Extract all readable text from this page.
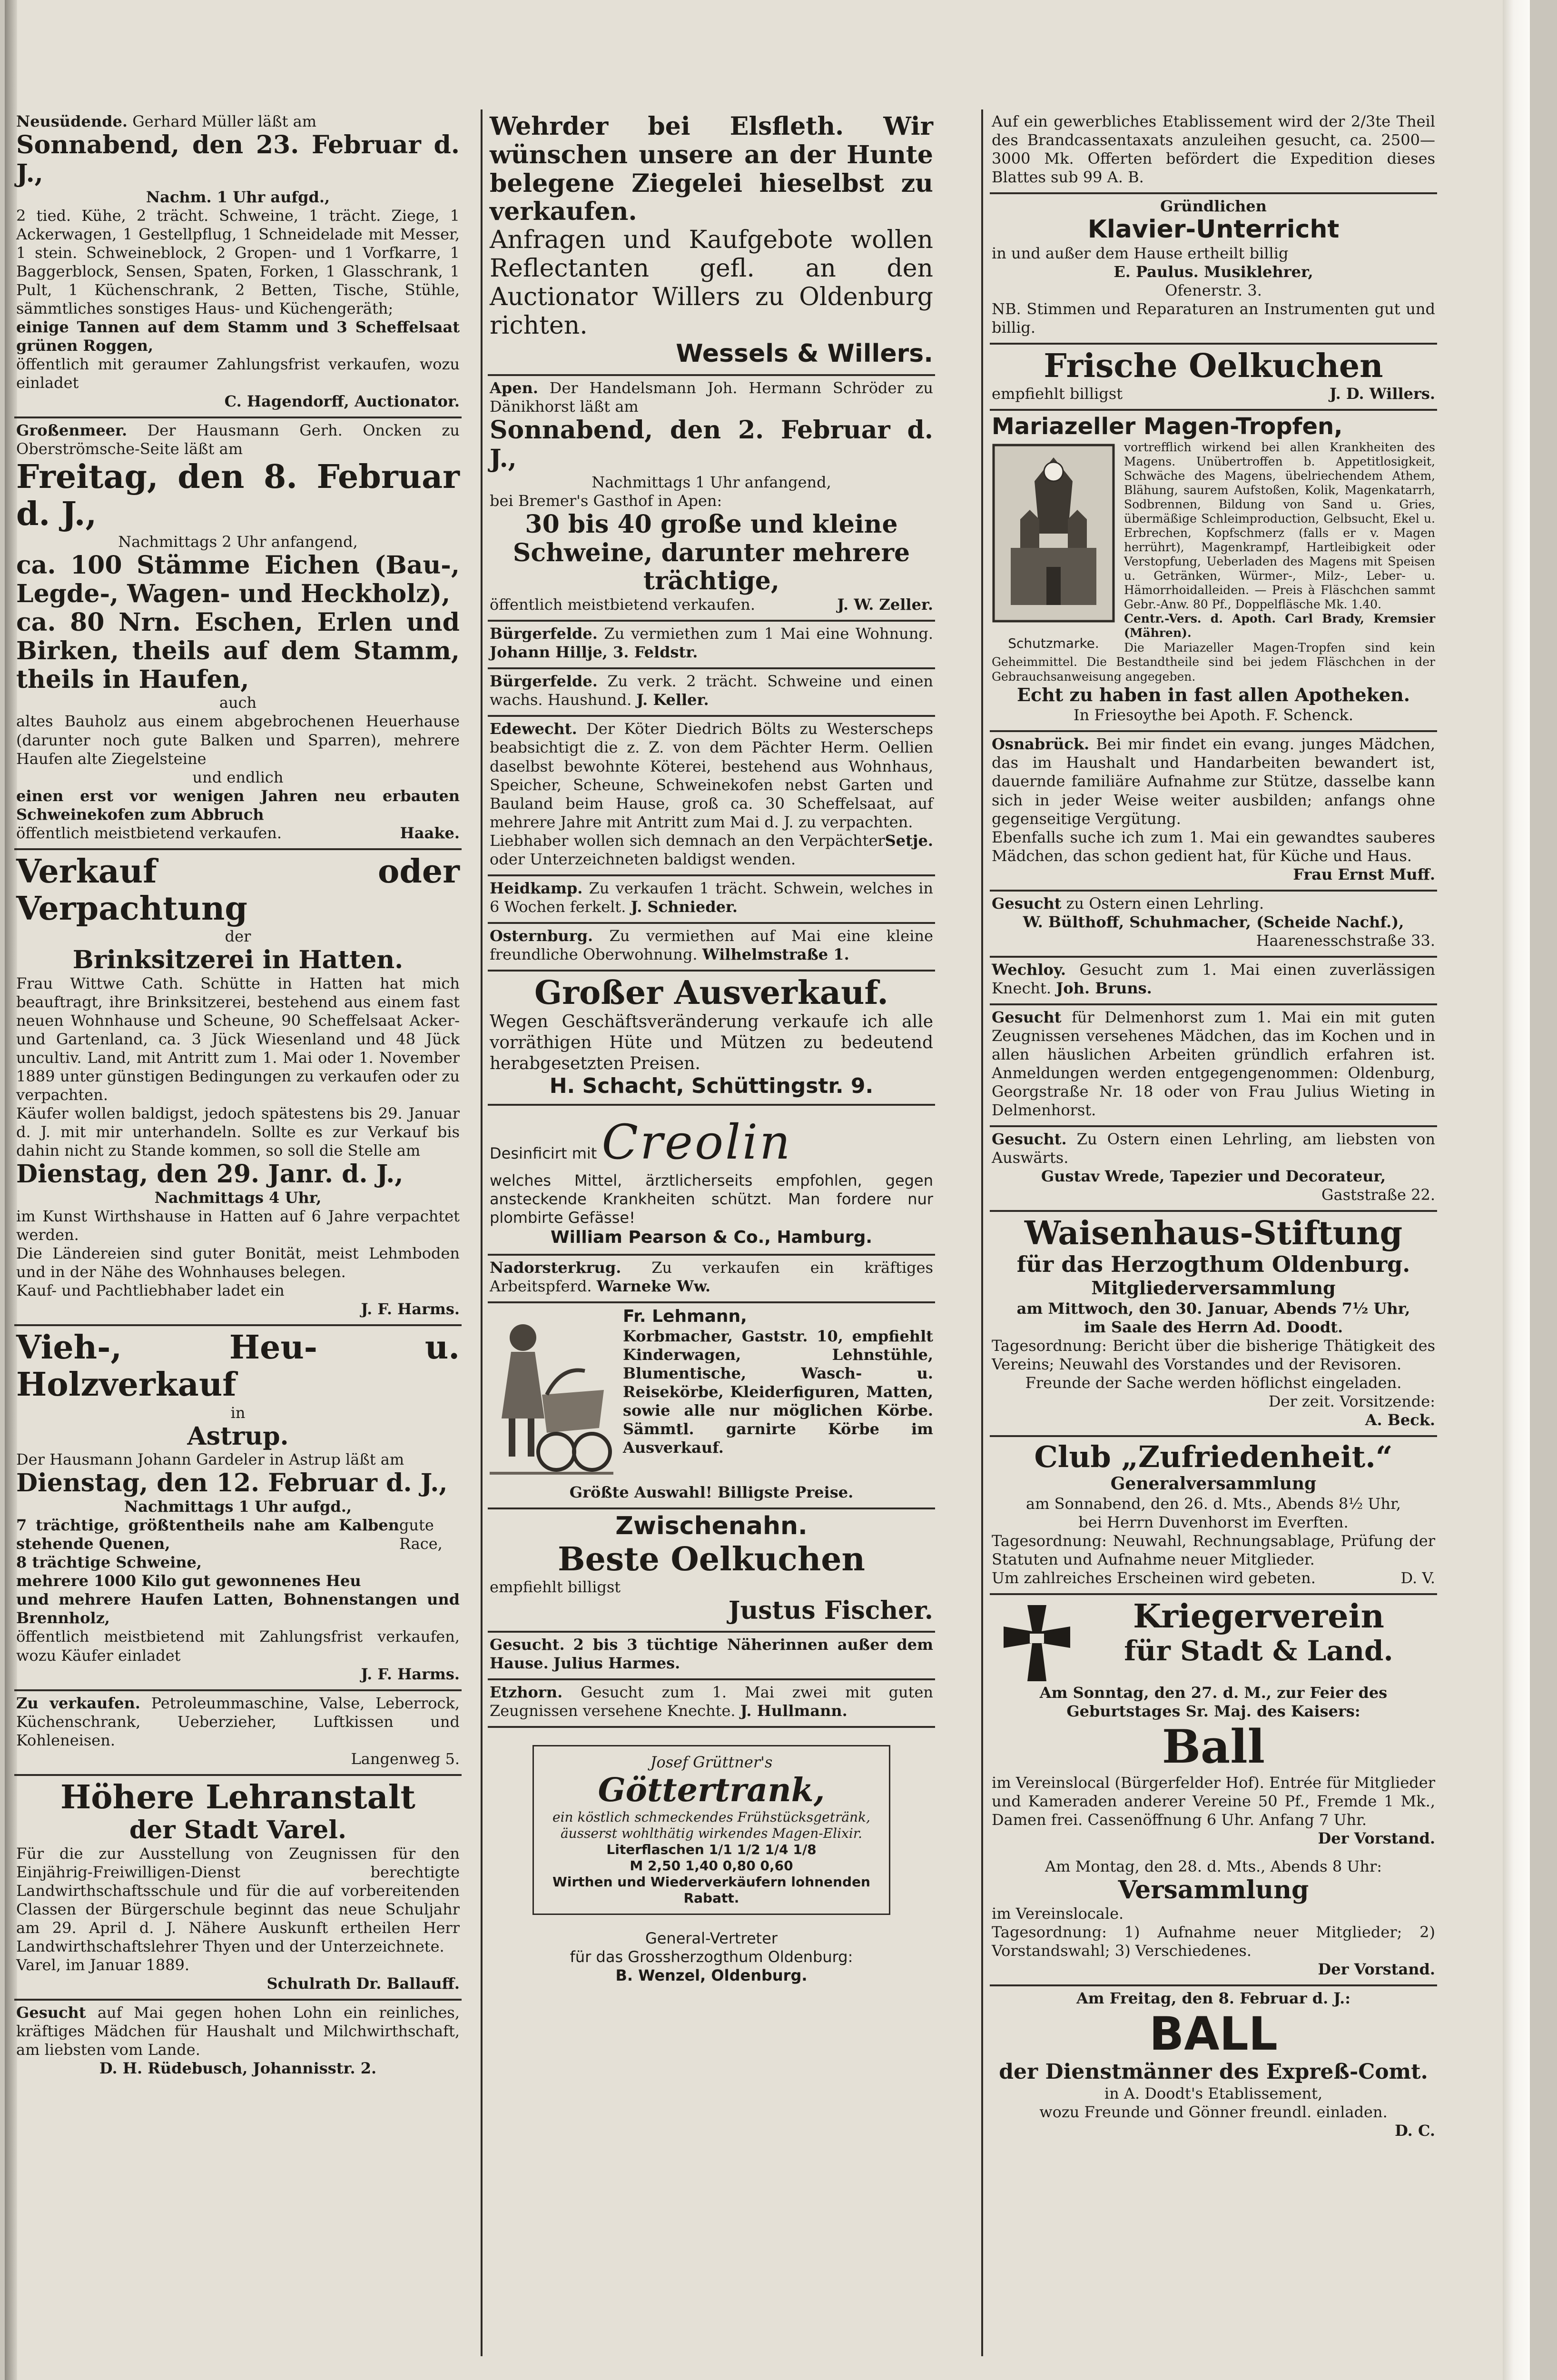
Neusüdende. Gerhard Müller läßt am

Sonnabend, den 23. Februar d. J.,

Nachm. 1 Uhr aufgd.,

2 tied. Kühe, 2 trächt. Schweine, 1 trächt. Ziege, 1 Ackerwagen, 1 Gestellpflug, 1 Schneidelade mit Messer, 1 stein. Schweineblock, 2 Gropen- und 1 Vorfkarre, 1 Baggerblock, Sensen, Spaten, Forken, 1 Glasschrank, 1 Pult, 1 Küchenschrank, 2 Betten, Tische, Stühle, sämmtliches sonstiges Haus- und Küchengeräth;

einige Tannen auf dem Stamm und 3 Scheffelsaat grünen Roggen,

öffentlich mit geraumer Zahlungsfrist verkaufen, wozu einladet

C. Hagendorff, Auctionator.

Großenmeer. Der Hausmann Gerh. Oncken zu Oberströmsche-Seite läßt am

Freitag, den 8. Februar d. J.,

Nachmittags 2 Uhr anfangend,

ca. 100 Stämme Eichen (Bau-, Legde-, Wagen- und Heckholz),

ca. 80 Nrn. Eschen, Erlen und Birken, theils auf dem Stamm, theils in Haufen,

auch

altes Bauholz aus einem abgebrochenen Heuerhause (darunter noch gute Balken und Sparren), mehrere Haufen alte Ziegelsteine

und endlich

einen erst vor wenigen Jahren neu erbauten Schweinekofen zum Abbruch

öffentlich meistbietend verkaufen.	Haake.

Verkauf oder Verpachtung

der

Brinksitzerei in Hatten.

Frau Wittwe Cath. Schütte in Hatten hat mich beauftragt, ihre Brinksitzerei, bestehend aus einem fast neuen Wohnhause und Scheune, 90 Scheffelsaat Acker- und Gartenland, ca. 3 Jück Wiesenland und 48 Jück uncultiv. Land, mit Antritt zum 1. Mai oder 1. November 1889 unter günstigen Bedingungen zu verkaufen oder zu verpachten.

Käufer wollen baldigst, jedoch spätestens bis 29. Januar d. J. mit mir unterhandeln. Sollte es zur Verkauf bis dahin nicht zu Stande kommen, so soll die Stelle am

Dienstag, den 29. Janr. d. J.,

Nachmittags 4 Uhr,

im Kunst Wirthshause in Hatten auf 6 Jahre verpachtet werden.

Die Ländereien sind guter Bonität, meist Lehmboden und in der Nähe des Wohnhauses belegen.

Kauf- und Pachtliebhaber ladet ein

J. F. Harms.

Vieh-, Heu- u. Holzverkauf

in

Astrup.

Der Hausmann Johann Gardeler in Astrup läßt am

Dienstag, den 12. Februar d. J.,

Nachmittags 1 Uhr aufgd.,

7 trächtige, größtentheils nahe am Kalben stehende Quenen,
gute Race,

8 trächtige Schweine,

mehrere 1000 Kilo gut gewonnenes Heu

und mehrere Haufen Latten, Bohnenstangen und Brennholz,

öffentlich meistbietend mit Zahlungsfrist verkaufen, wozu Käufer einladet

J. F. Harms.

Zu verkaufen. Petroleummaschine, Valse, Leberrock, Küchenschrank, Ueberzieher, Luftkissen und Kohleneisen.

Langenweg 5.

Höhere Lehranstalt

der Stadt Varel.

Für die zur Ausstellung von Zeugnissen für den Einjährig-Freiwilligen-Dienst berechtigte Landwirthschaftsschule und für die auf vorbereitenden Classen der Bürgerschule beginnt das neue Schuljahr am 29. April d. J. Nähere Auskunft ertheilen Herr Landwirthschaftslehrer Thyen und der Unterzeichnete.

Varel, im Januar 1889.

Schulrath Dr. Ballauff.

Gesucht auf Mai gegen hohen Lohn ein reinliches, kräftiges Mädchen für Haushalt und Milchwirthschaft, am liebsten vom Lande.

D. H. Rüdebusch, Johannisstr. 2.

Wehrder bei Elsfleth. Wir wünschen unsere an der Hunte belegene Ziegelei hieselbst zu verkaufen.

Anfragen und Kaufgebote wollen Reflectanten gefl. an den Auctionator Willers zu Oldenburg richten.

Wessels & Willers.

Apen. Der Handelsmann Joh. Hermann Schröder zu Dänikhorst läßt am

Sonnabend, den 2. Februar d. J.,

Nachmittags 1 Uhr anfangend,

bei Bremer's Gasthof in Apen:

30 bis 40 große und kleine Schweine, darunter mehrere trächtige,

öffentlich meistbietend verkaufen.	J. W. Zeller.

Bürgerfelde. Zu vermiethen zum 1 Mai eine Wohnung. Johann Hillje, 3. Feldstr.

Bürgerfelde. Zu verk. 2 trächt. Schweine und einen wachs. Haushund. J. Keller.

Edewecht. Der Köter Diedrich Bölts zu Westerscheps beabsichtigt die z. Z. von dem Pächter Herm. Oellien daselbst bewohnte Köterei, bestehend aus Wohnhaus, Speicher, Scheune, Schweinekofen nebst Garten und Bauland beim Hause, groß ca. 30 Scheffelsaat, auf mehrere Jahre mit Antritt zum Mai d. J. zu verpachten.

Liebhaber wollen sich demnach an den Verpächter oder Unterzeichneten baldigst wenden.
Setje.

Heidkamp. Zu verkaufen 1 trächt. Schwein, welches in 6 Wochen ferkelt. J. Schnieder.

Osternburg. Zu vermiethen auf Mai eine kleine freundliche Oberwohnung. Wilhelmstraße 1.

Großer Ausverkauf.

Wegen Geschäftsveränderung verkaufe ich alle vorräthigen Hüte und Mützen zu bedeutend herabgesetzten Preisen.

H. Schacht, Schüttingstr. 9.

Desinficirt mit Creolin

welches Mittel, ärztlicherseits empfohlen, gegen ansteckende Krankheiten schützt. Man fordere nur plombirte Gefässe!

William Pearson & Co., Hamburg.

Nadorsterkrug. Zu verkaufen ein kräftiges Arbeitspferd. Warneke Ww.

Fr. Lehmann,

Korbmacher, Gaststr. 10, empfiehlt Kinderwagen, Lehnstühle, Blumentische, Wasch- u. Reisekörbe, Kleiderfiguren, Matten, sowie alle nur möglichen Körbe. Sämmtl. garnirte Körbe im Ausverkauf.

Größte Auswahl! Billigste Preise.

Zwischenahn.

Beste Oelkuchen

empfiehlt billigst

Justus Fischer.

Gesucht. 2 bis 3 tüchtige Näherinnen außer dem Hause. Julius Harmes.

Etzhorn. Gesucht zum 1. Mai zwei mit guten Zeugnissen versehene Knechte. J. Hullmann.

Josef Grüttner's

Göttertrank,

ein köstlich schmeckendes Frühstücksgetränk,

äusserst wohlthätig wirkendes Magen-Elixir.

Literflaschen 1/1 1/2 1/4 1/8

M 2,50 1,40 0,80 0,60

Wirthen und Wiederverkäufern lohnenden Rabatt.

General-Vertreter

für das Grossherzogthum Oldenburg:

B. Wenzel, Oldenburg.

Auf ein gewerbliches Etablissement wird der 2/3te Theil des Brandcassentaxats anzuleihen gesucht, ca. 2500—3000 Mk. Offerten befördert die Expedition dieses Blattes sub 99 A. B.

Gründlichen

Klavier-Unterricht

in und außer dem Hause ertheilt billig

E. Paulus. Musiklehrer,

Ofenerstr. 3.

NB. Stimmen und Reparaturen an Instrumenten gut und billig.

Frische Oelkuchen

empfiehlt billigst	J. D. Willers.

Mariazeller Magen-Tropfen,

Schutzmarke.

vortrefflich wirkend bei allen Krankheiten des Magens. Unübertroffen b. Appetitlosigkeit, Schwäche des Magens, übelriechendem Athem, Blähung, saurem Aufstoßen, Kolik, Magenkatarrh, Sodbrennen, Bildung von Sand u. Gries, übermäßige Schleimproduction, Gelbsucht, Ekel u. Erbrechen, Kopfschmerz (falls er v. Magen herrührt), Magenkrampf, Hartleibigkeit oder Verstopfung, Ueberladen des Magens mit Speisen u. Getränken, Würmer-, Milz-, Leber- u. Hämorrhoidalleiden. — Preis à Fläschchen sammt Gebr.-Anw. 80 Pf., Doppelfläsche Mk. 1.40.

Centr.-Vers. d. Apoth. Carl Brady, Kremsier (Mähren).

Die Mariazeller Magen-Tropfen sind kein Geheimmittel. Die Bestandtheile sind bei jedem Fläschchen in der Gebrauchsanweisung angegeben.

Echt zu haben in fast allen Apotheken.

In Friesoythe bei Apoth. F. Schenck.

Osnabrück. Bei mir findet ein evang. junges Mädchen, das im Haushalt und Handarbeiten bewandert ist, dauernde familiäre Aufnahme zur Stütze, dasselbe kann sich in jeder Weise weiter ausbilden; anfangs ohne gegenseitige Vergütung.

Ebenfalls suche ich zum 1. Mai ein gewandtes sauberes Mädchen, das schon gedient hat, für Küche und Haus.

Frau Ernst Muff.

Gesucht zu Ostern einen Lehrling.

W. Bülthoff, Schuhmacher, (Scheide Nachf.),

Haarenesschstraße 33.

Wechloy. Gesucht zum 1. Mai einen zuverlässigen Knecht. Joh. Bruns.

Gesucht für Delmenhorst zum 1. Mai ein mit guten Zeugnissen versehenes Mädchen, das im Kochen und in allen häuslichen Arbeiten gründlich erfahren ist. Anmeldungen werden entgegengenommen: Oldenburg, Georgstraße Nr. 18 oder von Frau Julius Wieting in Delmenhorst.

Gesucht. Zu Ostern einen Lehrling, am liebsten von Auswärts.

Gustav Wrede, Tapezier und Decorateur,

Gaststraße 22.

Waisenhaus-Stiftung

für das Herzogthum Oldenburg.

Mitgliederversammlung

am Mittwoch, den 30. Januar, Abends 7½ Uhr,

im Saale des Herrn Ad. Doodt.

Tagesordnung: Bericht über die bisherige Thätigkeit des Vereins; Neuwahl des Vorstandes und der Revisoren.

Freunde der Sache werden höflichst eingeladen.

Der zeit. Vorsitzende:

A. Beck.

Club „Zufriedenheit.“

Generalversammlung

am Sonnabend, den 26. d. Mts., Abends 8½ Uhr,

bei Herrn Duvenhorst im Everften.

Tagesordnung: Neuwahl, Rechnungsablage, Prüfung der Statuten und Aufnahme neuer Mitglieder.

Um zahlreiches Erscheinen wird gebeten.	D. V.

Kriegerverein

für Stadt & Land.

Am Sonntag, den 27. d. M., zur Feier des Geburtstages Sr. Maj. des Kaisers:

Ball

im Vereinslocal (Bürgerfelder Hof). Entrée für Mitglieder und Kameraden anderer Vereine 50 Pf., Fremde 1 Mk., Damen frei. Cassenöffnung 6 Uhr. Anfang 7 Uhr.

Der Vorstand.

Am Montag, den 28. d. Mts., Abends 8 Uhr:

Versammlung

im Vereinslocale.

Tagesordnung: 1) Aufnahme neuer Mitglieder; 2) Vorstandswahl; 3) Verschiedenes.

Der Vorstand.

Am Freitag, den 8. Februar d. J.:

BALL

der Dienstmänner des Expreß-Comt.

in A. Doodt's Etablissement,

wozu Freunde und Gönner freundl. einladen.

D. C.
